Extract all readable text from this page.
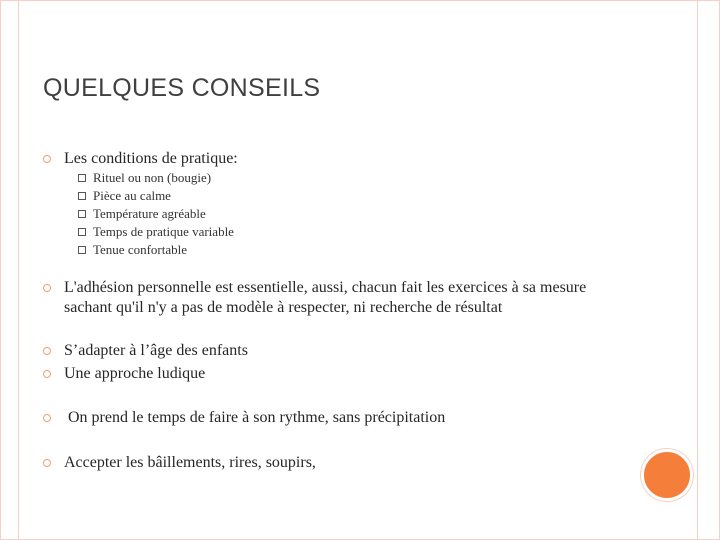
QUELQUES CONSEILS
Les conditions de pratique:
Rituel ou non (bougie)
Pièce au calme
Température agréable
Temps de pratique variable
Tenue confortable
L'adhésion personnelle est essentielle, aussi, chacun fait les exercices à sa mesure sachant qu'il n'y a pas de modèle à respecter, ni recherche de résultat
S’adapter à l’âge des enfants
Une approche ludique
On prend le temps de faire à son rythme, sans précipitation
Accepter les bâillements, rires, soupirs,
